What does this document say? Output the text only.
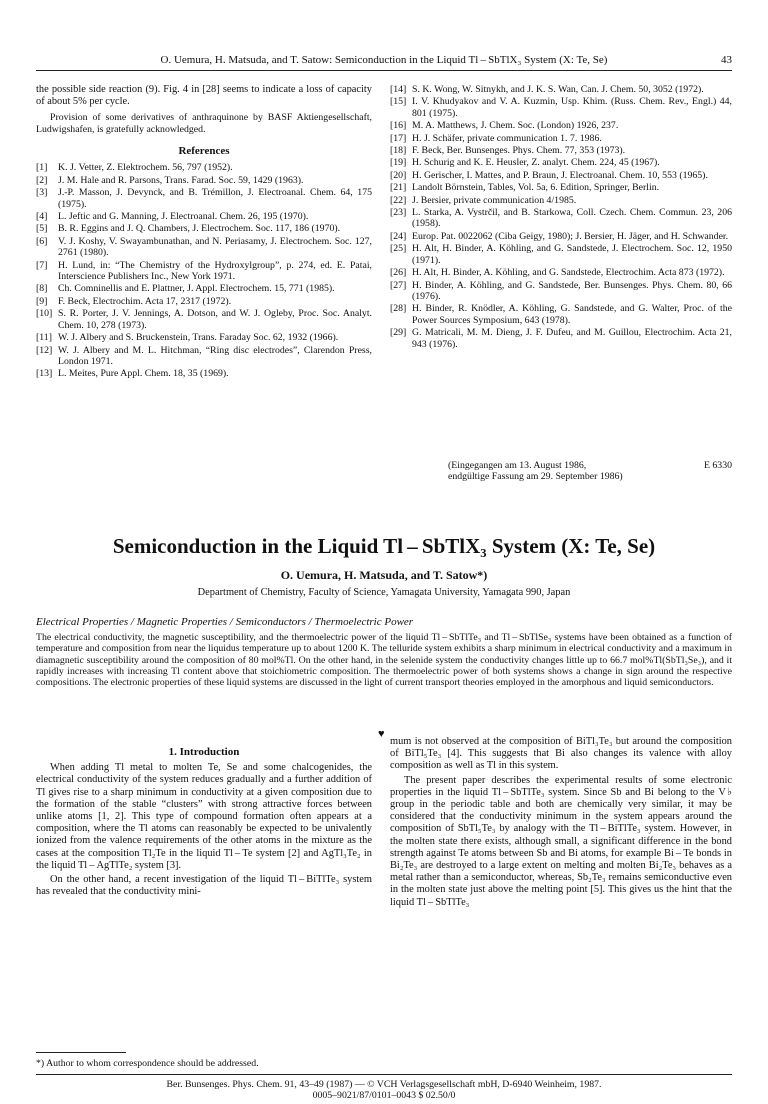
O. Uemura, H. Matsuda, and T. Satow: Semiconduction in the Liquid Tl – SbTlX₃ System (X: Te, Se)	43

the possible side reaction (9). Fig. 4 in [28] seems to indicate a loss of capacity of about 5% per cycle.

Provision of some derivatives of anthraquinone by BASF Aktiengesellschaft, Ludwigshafen, is gratefully acknowledged.

References
[1]	K. J. Vetter, Z. Elektrochem. 56, 797 (1952).
[2]	J. M. Hale and R. Parsons, Trans. Farad. Soc. 59, 1429 (1963).
[3]	J.-P. Masson, J. Devynck, and B. Trémillon, J. Electroanal. Chem. 64, 175 (1975).
[4]	L. Jeftic and G. Manning, J. Electroanal. Chem. 26, 195 (1970).
[5]	B. R. Eggins and J. Q. Chambers, J. Electrochem. Soc. 117, 186 (1970).
[6]	V. J. Koshy, V. Swayambunathan, and N. Periasamy, J. Electrochem. Soc. 127, 2761 (1980).
[7]	H. Lund, in: “The Chemistry of the Hydroxylgroup”, p. 274, ed. E. Patai, Interscience Publishers Inc., New York 1971.
[8]	Ch. Comninellis and E. Plattner, J. Appl. Electrochem. 15, 771 (1985).
[9]	F. Beck, Electrochim. Acta 17, 2317 (1972).
[10] S. R. Porter, J. V. Jennings, A. Dotson, and W. J. Ogleby, Proc. Soc. Analyt. Chem. 10, 278 (1973).
[11] W. J. Albery and S. Bruckenstein, Trans. Faraday Soc. 62, 1932 (1966).
[12] W. J. Albery and M. L. Hitchman, “Ring disc electrodes”, Clarendon Press, London 1971.
[13] L. Meites, Pure Appl. Chem. 18, 35 (1969).
[14] S. K. Wong, W. Sitnykh, and J. K. S. Wan, Can. J. Chem. 50, 3052 (1972).
[15] I. V. Khudyakov and V. A. Kuzmin, Usp. Khim. (Russ. Chem. Rev., Engl.) 44, 801 (1975).
[16] M. A. Matthews, J. Chem. Soc. (London) 1926, 237.
[17] H. J. Schäfer, private communication 1. 7. 1986.
[18] F. Beck, Ber. Bunsenges. Phys. Chem. 77, 353 (1973).
[19] H. Schurig and K. E. Heusler, Z. analyt. Chem. 224, 45 (1967).
[20] H. Gerischer, I. Mattes, and P. Braun, J. Electroanal. Chem. 10, 553 (1965).
[21] Landolt Börnstein, Tables, Vol. 5a, 6. Edition, Springer, Berlin.
[22] J. Bersier, private communication 4/1985.
[23] L. Starka, A. Vystrčil, and B. Starkowa, Coll. Czech. Chem. Commun. 23, 206 (1958).
[24] Europ. Pat. 0022062 (Ciba Geigy, 1980); J. Bersier, H. Jäger, and H. Schwander.
[25] H. Alt, H. Binder, A. Köhling, and G. Sandstede, J. Electrochem. Soc. 12, 1950 (1971).
[26] H. Alt, H. Binder, A. Köhling, and G. Sandstede, Electrochim. Acta 873 (1972).
[27] H. Binder, A. Köhling, and G. Sandstede, Ber. Bunsenges. Phys. Chem. 80, 66 (1976).
[28] H. Binder, R. Knödler, A. Köhling, G. Sandstede, and G. Walter, Proc. of the Power Sources Symposium, 643 (1978).
[29] G. Matricali, M. M. Dieng, J. F. Dufeu, and M. Guillou, Electrochim. Acta 21, 943 (1976).
(Eingegangen am 13. August 1986,	E 6330
endgültige Fassung am 29. September 1986)
Semiconduction in the Liquid Tl – SbTlX₃ System (X: Te, Se)
O. Uemura, H. Matsuda, and T. Satow*)
Department of Chemistry, Faculty of Science, Yamagata University, Yamagata 990, Japan
Electrical Properties / Magnetic Properties / Semiconductors / Thermoelectric Power
The electrical conductivity, the magnetic susceptibility, and the thermoelectric power of the liquid Tl – SbTlTe₃ and Tl – SbTlSe₃ systems have been obtained as a function of temperature and composition from near the liquidus temperature up to about 1200 K. The telluride system exhibits a sharp minimum in electrical conductivity and a maximum in diamagnetic susceptibility around the composition of 80 mol%Tl. On the other hand, in the selenide system the conductivity changes little up to 66.7 mol%Tl(SbTl₃Se₃), and it rapidly increases with increasing Tl content above that stoichiometric composition. The thermoelectric power of both systems shows a change in sign around the respective compositions. The electronic properties of these liquid systems are discussed in the light of current transport theories employed in the amorphous and liquid semiconductors.
♥
1. Introduction

When adding Tl metal to molten Te, Se and some chalcogenides, the electrical conductivity of the system reduces gradually and a further addition of Tl gives rise to a sharp minimum in conductivity at a given composition due to the formation of the stable “clusters” with strong attractive forces between unlike atoms [1, 2]. This type of compound formation often appears at a composition, where the Tl atoms can reasonably be expected to be univalently ionized from the valence requirements of the other atoms in the mixture as the cases at the composition Tl₂Te in the liquid Tl – Te system [2] and AgTl₃Te₂ in the liquid Tl – AgTlTe₂ system [3].

On the other hand, a recent investigation of the liquid Tl – BiTlTe₃ system has revealed that the conductivity mini-

mum is not observed at the composition of BiTl₃Te₃ but around the composition of BiTl₅Te₃ [4]. This suggests that Bi also changes its valence with alloy composition as well as Tl in this system.

The present paper describes the experimental results of some electronic properties in the liquid Tl – SbTlTe₃ system. Since Sb and Bi belong to the V♭ group in the periodic table and both are chemically very similar, it may be considered that the conductivity minimum in the system appears around the composition of SbTl₅Te₃ by analogy with the Tl – BiTlTe₃ system. However, in the molten state there exists, although small, a significant difference in the bond strength against Te atoms between Sb and Bi atoms, for example Bi – Te bonds in Bi₂Te₃ are destroyed to a large extent on melting and molten Bi₂Te₃ behaves as a metal rather than a semiconductor, whereas, Sb₂Te₃ remains semiconductive even in the molten state just above the melting point [5]. This gives us the hint that the liquid Tl – SbTlTe₃

*) Author to whom correspondence should be addressed.
Ber. Bunsenges. Phys. Chem. 91, 43–49 (1987) — © VCH Verlagsgesellschaft mbH, D-6940 Weinheim, 1987.
0005–9021/87/0101–0043 $ 02.50/0
